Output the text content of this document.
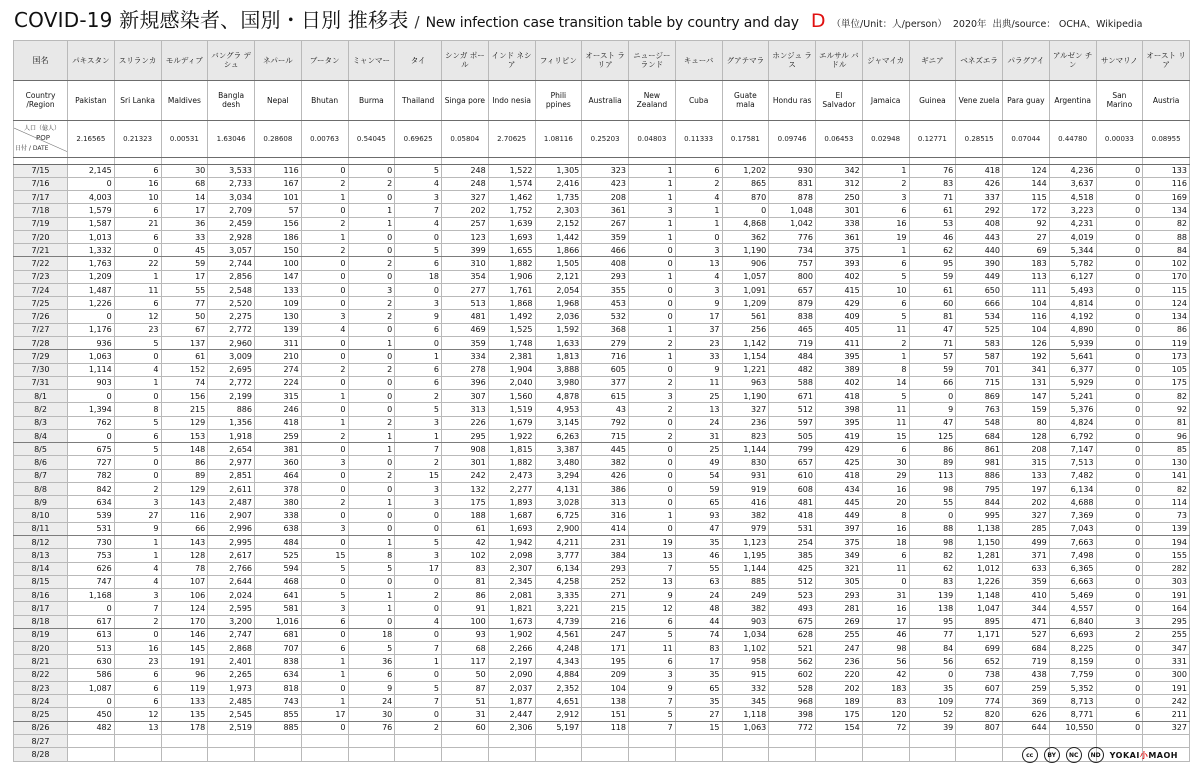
COVID-19 新規感染者、国別・日別 推移表 / New infection case transition table by country and day D （単位/Unit：人/person） 2020年 出典/source： OCHA、Wikipedia
国名	パキスタン	スリランカ	モルディブ	バングラ デシュ	ネパール	ブータン	ミャンマー	タイ	シンガ ポール	インド ネシア	フィリピン	オースト ラリア	ニュージー ランド	キューバ	グアテマラ	ホンジュ ラス	エルサル バドル	ジャマイカ	ギニア	ベネズエラ	パラグアイ	アルゼン チン	サンマリノ	オースト リア
Country /Region	Pakistan	Sri Lanka	Maldives	Bangla desh	Nepal	Bhutan	Burma	Thailand	Singa pore	Indo nesia	Phili ppines	Australia	New Zealand	Cuba	Guate mala	Hondu ras	El Salvador	Jamaica	Guinea	Vene zuela	Para guay	Argentina	San Marino	Austria

人口（億人）
POP
日付 / DATE	2.16565	0.21323	0.00531	1.63046	0.28608	0.00763	0.54045	0.69625	0.05804	2.70625	1.08116	0.25203	0.04803	0.11333	0.17581	0.09746	0.06453	0.02948	0.12771	0.28515	0.07044	0.44780	0.00033	0.08955

7/15	2,145	6	30	3,533	116	0	0	5	248	1,522	1,305	323	1	6	1,202	930	342	1	76	418	124	4,236	0	133
7/16	0	16	68	2,733	167	2	2	4	248	1,574	2,416	423	1	2	865	831	312	2	83	426	144	3,637	0	116
7/17	4,003	10	14	3,034	101	1	0	3	327	1,462	1,735	208	1	4	870	878	250	3	71	337	115	4,518	0	169
7/18	1,579	6	17	2,709	57	0	1	7	202	1,752	2,303	361	3	1	0	1,048	301	6	61	292	172	3,223	0	134
7/19	1,587	21	36	2,459	156	2	1	4	257	1,639	2,152	267	1	1	4,868	1,042	338	16	53	408	92	4,231	0	82
7/20	1,013	6	33	2,928	186	1	0	0	123	1,693	1,442	359	1	0	362	776	361	19	46	443	27	4,019	0	88
7/21	1,332	0	45	3,057	150	2	0	5	399	1,655	1,866	466	0	3	1,190	734	375	1	62	440	69	5,344	0	84
7/22	1,763	22	59	2,744	100	0	2	6	310	1,882	1,505	408	0	13	906	757	393	6	95	390	183	5,782	0	102
7/23	1,209	1	17	2,856	147	0	0	18	354	1,906	2,121	293	1	4	1,057	800	402	5	59	449	113	6,127	0	170
7/24	1,487	11	55	2,548	133	0	3	0	277	1,761	2,054	355	0	3	1,091	657	415	10	61	650	111	5,493	0	115
7/25	1,226	6	77	2,520	109	0	2	3	513	1,868	1,968	453	0	9	1,209	879	429	6	60	666	104	4,814	0	124
7/26	0	12	50	2,275	130	3	2	9	481	1,492	2,036	532	0	17	561	838	409	5	81	534	116	4,192	0	134
7/27	1,176	23	67	2,772	139	4	0	6	469	1,525	1,592	368	1	37	256	465	405	11	47	525	104	4,890	0	86
7/28	936	5	137	2,960	311	0	1	0	359	1,748	1,633	279	2	23	1,142	719	411	2	71	583	126	5,939	0	119
7/29	1,063	0	61	3,009	210	0	0	1	334	2,381	1,813	716	1	33	1,154	484	395	1	57	587	192	5,641	0	173
7/30	1,114	4	152	2,695	274	2	2	6	278	1,904	3,888	605	0	9	1,221	482	389	8	59	701	341	6,377	0	105
7/31	903	1	74	2,772	224	0	0	6	396	2,040	3,980	377	2	11	963	588	402	14	66	715	131	5,929	0	175
8/1	0	0	156	2,199	315	1	0	2	307	1,560	4,878	615	3	25	1,190	671	418	5	0	869	147	5,241	0	82
8/2	1,394	8	215	886	246	0	0	5	313	1,519	4,953	43	2	13	327	512	398	11	9	763	159	5,376	0	92
8/3	762	5	129	1,356	418	1	2	3	226	1,679	3,145	792	0	24	236	597	395	11	47	548	80	4,824	0	81
8/4	0	6	153	1,918	259	2	1	1	295	1,922	6,263	715	2	31	823	505	419	15	125	684	128	6,792	0	96
8/5	675	5	148	2,654	381	0	1	7	908	1,815	3,387	445	0	25	1,144	799	429	6	86	861	208	7,147	0	85
8/6	727	0	86	2,977	360	3	0	2	301	1,882	3,480	382	0	49	830	657	425	30	89	981	315	7,513	0	130
8/7	782	0	89	2,851	464	0	2	15	242	2,473	3,294	426	0	54	931	610	418	29	113	886	133	7,482	0	141
8/8	842	2	129	2,611	378	0	0	3	132	2,277	4,131	386	0	59	919	608	434	16	98	795	197	6,134	0	82
8/9	634	3	143	2,487	380	2	1	3	175	1,893	3,028	313	0	65	416	481	445	20	55	844	202	4,688	0	114
8/10	539	27	116	2,907	338	0	0	0	188	1,687	6,725	316	1	93	382	418	449	8	0	995	327	7,369	0	73
8/11	531	9	66	2,996	638	3	0	0	61	1,693	2,900	414	0	47	979	531	397	16	88	1,138	285	7,043	0	139
8/12	730	1	143	2,995	484	0	1	5	42	1,942	4,211	231	19	35	1,123	254	375	18	98	1,150	499	7,663	0	194
8/13	753	1	128	2,617	525	15	8	3	102	2,098	3,777	384	13	46	1,195	385	349	6	82	1,281	371	7,498	0	155
8/14	626	4	78	2,766	594	5	5	17	83	2,307	6,134	293	7	55	1,144	425	321	11	62	1,012	633	6,365	0	282
8/15	747	4	107	2,644	468	0	0	0	81	2,345	4,258	252	13	63	885	512	305	0	83	1,226	359	6,663	0	303
8/16	1,168	3	106	2,024	641	5	1	2	86	2,081	3,335	271	9	24	249	523	293	31	139	1,148	410	5,469	0	191
8/17	0	7	124	2,595	581	3	1	0	91	1,821	3,221	215	12	48	382	493	281	16	138	1,047	344	4,557	0	164
8/18	617	2	170	3,200	1,016	6	0	4	100	1,673	4,739	216	6	44	903	675	269	17	95	895	471	6,840	3	295
8/19	613	0	146	2,747	681	0	18	0	93	1,902	4,561	247	5	74	1,034	628	255	46	77	1,171	527	6,693	2	255
8/20	513	16	145	2,868	707	6	5	7	68	2,266	4,248	171	11	83	1,102	521	247	98	84	699	684	8,225	0	347
8/21	630	23	191	2,401	838	1	36	1	117	2,197	4,343	195	6	17	958	562	236	56	56	652	719	8,159	0	331
8/22	586	6	96	2,265	634	1	6	0	50	2,090	4,884	209	3	35	915	602	220	42	0	738	438	7,759	0	300
8/23	1,087	6	119	1,973	818	0	9	5	87	2,037	2,352	104	9	65	332	528	202	183	35	607	259	5,352	0	191
8/24	0	6	133	2,485	743	1	24	7	51	1,877	4,651	138	7	35	345	968	189	83	109	774	369	8,713	0	242
8/25	450	12	135	2,545	855	17	30	0	31	2,447	2,912	151	5	27	1,118	398	175	120	52	820	626	8,771	6	211
8/26	482	13	178	2,519	885	0	76	2	60	2,306	5,197	118	7	15	1,063	772	154	72	39	807	644	10,550	0	327
8/27																								
8/28																									cc	BY	NC	ND	YOKAI小MAOH
